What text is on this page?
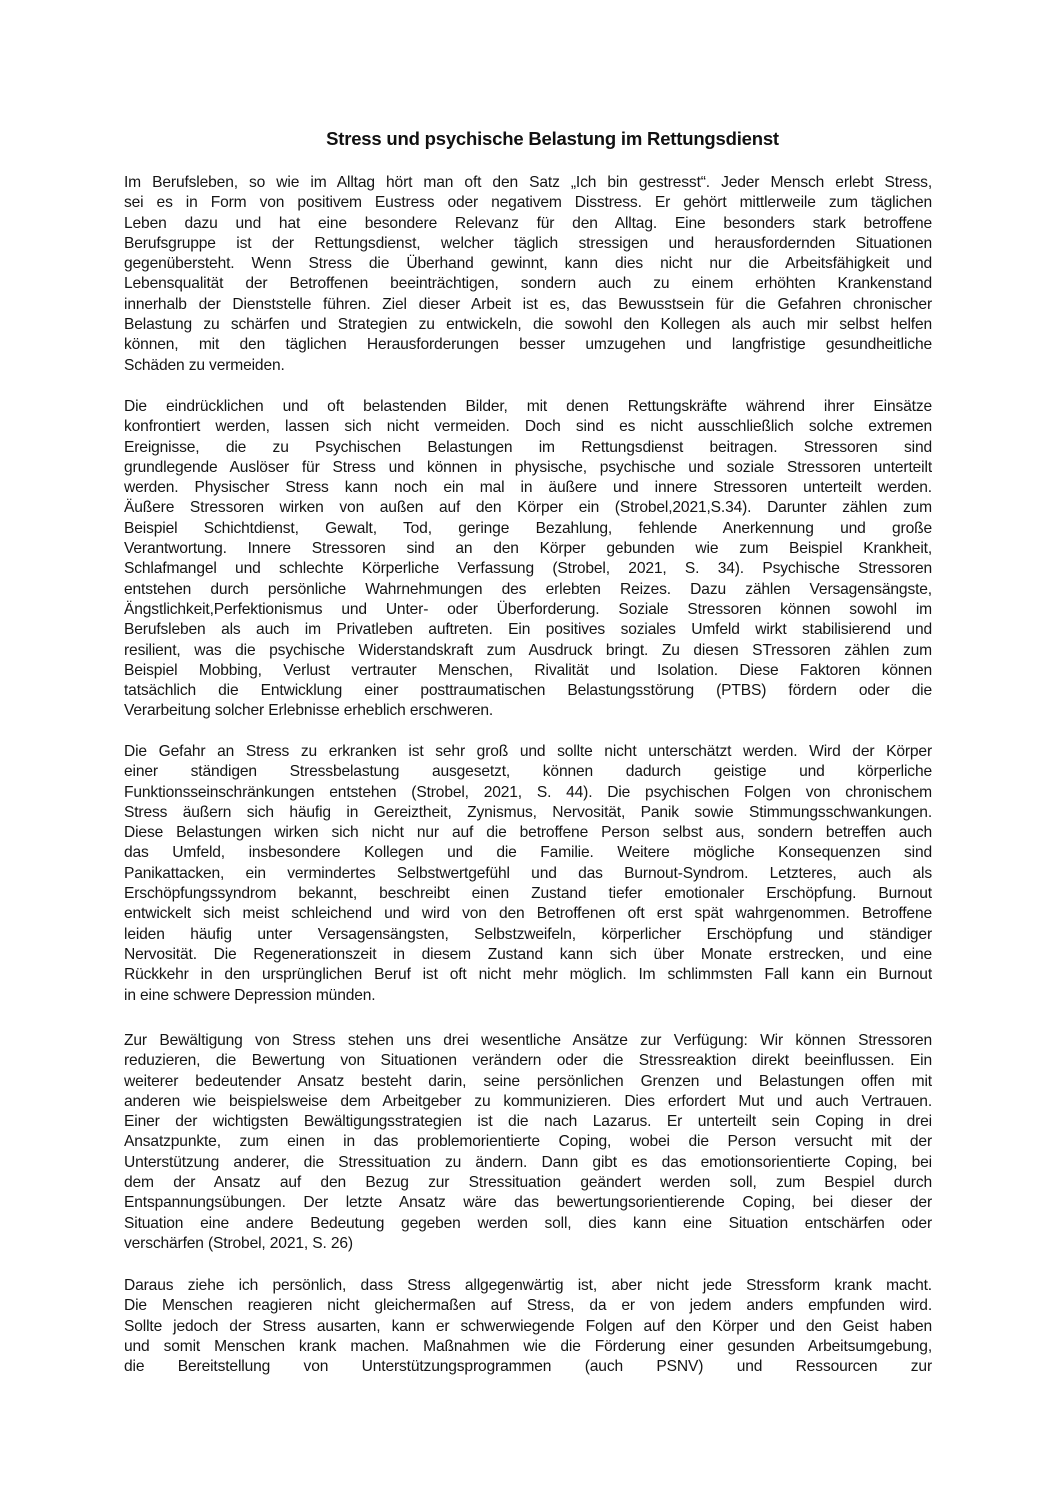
Stress und psychische Belastung im Rettungsdienst
Im Berufsleben, so wie im Alltag hört man oft den Satz „Ich bin gestresst“. Jeder Mensch erlebt Stress,
sei es in Form von positivem Eustress oder negativem Disstress. Er gehört mittlerweile zum täglichen
Leben dazu und hat eine besondere Relevanz für den Alltag. Eine besonders stark betroffene
Berufsgruppe ist der Rettungsdienst, welcher täglich stressigen und herausfordernden Situationen
gegenübersteht. Wenn Stress die Überhand gewinnt, kann dies nicht nur die Arbeitsfähigkeit und
Lebensqualität der Betroffenen beeinträchtigen, sondern auch zu einem erhöhten Krankenstand
innerhalb der Dienststelle führen. Ziel dieser Arbeit ist es, das Bewusstsein für die Gefahren chronischer
Belastung zu schärfen und Strategien zu entwickeln, die sowohl den Kollegen als auch mir selbst helfen
können, mit den täglichen Herausforderungen besser umzugehen und langfristige gesundheitliche
Schäden zu vermeiden.
Die eindrücklichen und oft belastenden Bilder, mit denen Rettungskräfte während ihrer Einsätze
konfrontiert werden, lassen sich nicht vermeiden. Doch sind es nicht ausschließlich solche extremen
Ereignisse, die zu Psychischen Belastungen im Rettungsdienst beitragen. Stressoren sind
grundlegende Auslöser für Stress und können in physische, psychische und soziale Stressoren unterteilt
werden. Physischer Stress kann noch ein mal in äußere und innere Stressoren unterteilt werden.
Äußere Stressoren wirken von außen auf den Körper ein (Strobel,2021,S.34). Darunter zählen zum
Beispiel Schichtdienst, Gewalt, Tod, geringe Bezahlung, fehlende Anerkennung und große
Verantwortung. Innere Stressoren sind an den Körper gebunden wie zum Beispiel Krankheit,
Schlafmangel und schlechte Körperliche Verfassung (Strobel, 2021, S. 34). Psychische Stressoren
entstehen durch persönliche Wahrnehmungen des erlebten Reizes. Dazu zählen Versagensängste,
Ängstlichkeit,Perfektionismus und Unter- oder Überforderung. Soziale Stressoren können sowohl im
Berufsleben als auch im Privatleben auftreten. Ein positives soziales Umfeld wirkt stabilisierend und
resilient, was die psychische Widerstandskraft zum Ausdruck bringt. Zu diesen STressoren zählen zum
Beispiel Mobbing, Verlust vertrauter Menschen, Rivalität und Isolation. Diese Faktoren können
tatsächlich die Entwicklung einer posttraumatischen Belastungsstörung (PTBS) fördern oder die
Verarbeitung solcher Erlebnisse erheblich erschweren.
Die Gefahr an Stress zu erkranken ist sehr groß und sollte nicht unterschätzt werden. Wird der Körper
einer ständigen Stressbelastung ausgesetzt, können dadurch geistige und körperliche
Funktionsseinschränkungen entstehen (Strobel, 2021, S. 44). Die psychischen Folgen von chronischem
Stress äußern sich häufig in Gereiztheit, Zynismus, Nervosität, Panik sowie Stimmungsschwankungen.
Diese Belastungen wirken sich nicht nur auf die betroffene Person selbst aus, sondern betreffen auch
das Umfeld, insbesondere Kollegen und die Familie. Weitere mögliche Konsequenzen sind
Panikattacken, ein vermindertes Selbstwertgefühl und das Burnout-Syndrom. Letzteres, auch als
Erschöpfungssyndrom bekannt, beschreibt einen Zustand tiefer emotionaler Erschöpfung. Burnout
entwickelt sich meist schleichend und wird von den Betroffenen oft erst spät wahrgenommen. Betroffene
leiden häufig unter Versagensängsten, Selbstzweifeln, körperlicher Erschöpfung und ständiger
Nervosität. Die Regenerationszeit in diesem Zustand kann sich über Monate erstrecken, und eine
Rückkehr in den ursprünglichen Beruf ist oft nicht mehr möglich. Im schlimmsten Fall kann ein Burnout
in eine schwere Depression münden.
Zur Bewältigung von Stress stehen uns drei wesentliche Ansätze zur Verfügung: Wir können Stressoren
reduzieren, die Bewertung von Situationen verändern oder die Stressreaktion direkt beeinflussen. Ein
weiterer bedeutender Ansatz besteht darin, seine persönlichen Grenzen und Belastungen offen mit
anderen wie beispielsweise dem Arbeitgeber zu kommunizieren. Dies erfordert Mut und auch Vertrauen.
Einer der wichtigsten Bewältigungsstrategien ist die nach Lazarus. Er unterteilt sein Coping in drei
Ansatzpunkte, zum einen in das problemorientierte Coping, wobei die Person versucht mit der
Unterstützung anderer, die Stressituation zu ändern. Dann gibt es das emotionsorientierte Coping, bei
dem der Ansatz auf den Bezug zur Stressituation geändert werden soll, zum Bespiel durch
Entspannungsübungen. Der letzte Ansatz wäre das bewertungsorientierende Coping, bei dieser der
Situation eine andere Bedeutung gegeben werden soll, dies kann eine Situation entschärfen oder
verschärfen (Strobel, 2021, S. 26)
Daraus ziehe ich persönlich, dass Stress allgegenwärtig ist, aber nicht jede Stressform krank macht.
Die Menschen reagieren nicht gleichermaßen auf Stress, da er von jedem anders empfunden wird.
Sollte jedoch der Stress ausarten, kann er schwerwiegende Folgen auf den Körper und den Geist haben
und somit Menschen krank machen. Maßnahmen wie die Förderung einer gesunden Arbeitsumgebung,
die Bereitstellung von Unterstützungsprogrammen (auch PSNV) und Ressourcen zur
